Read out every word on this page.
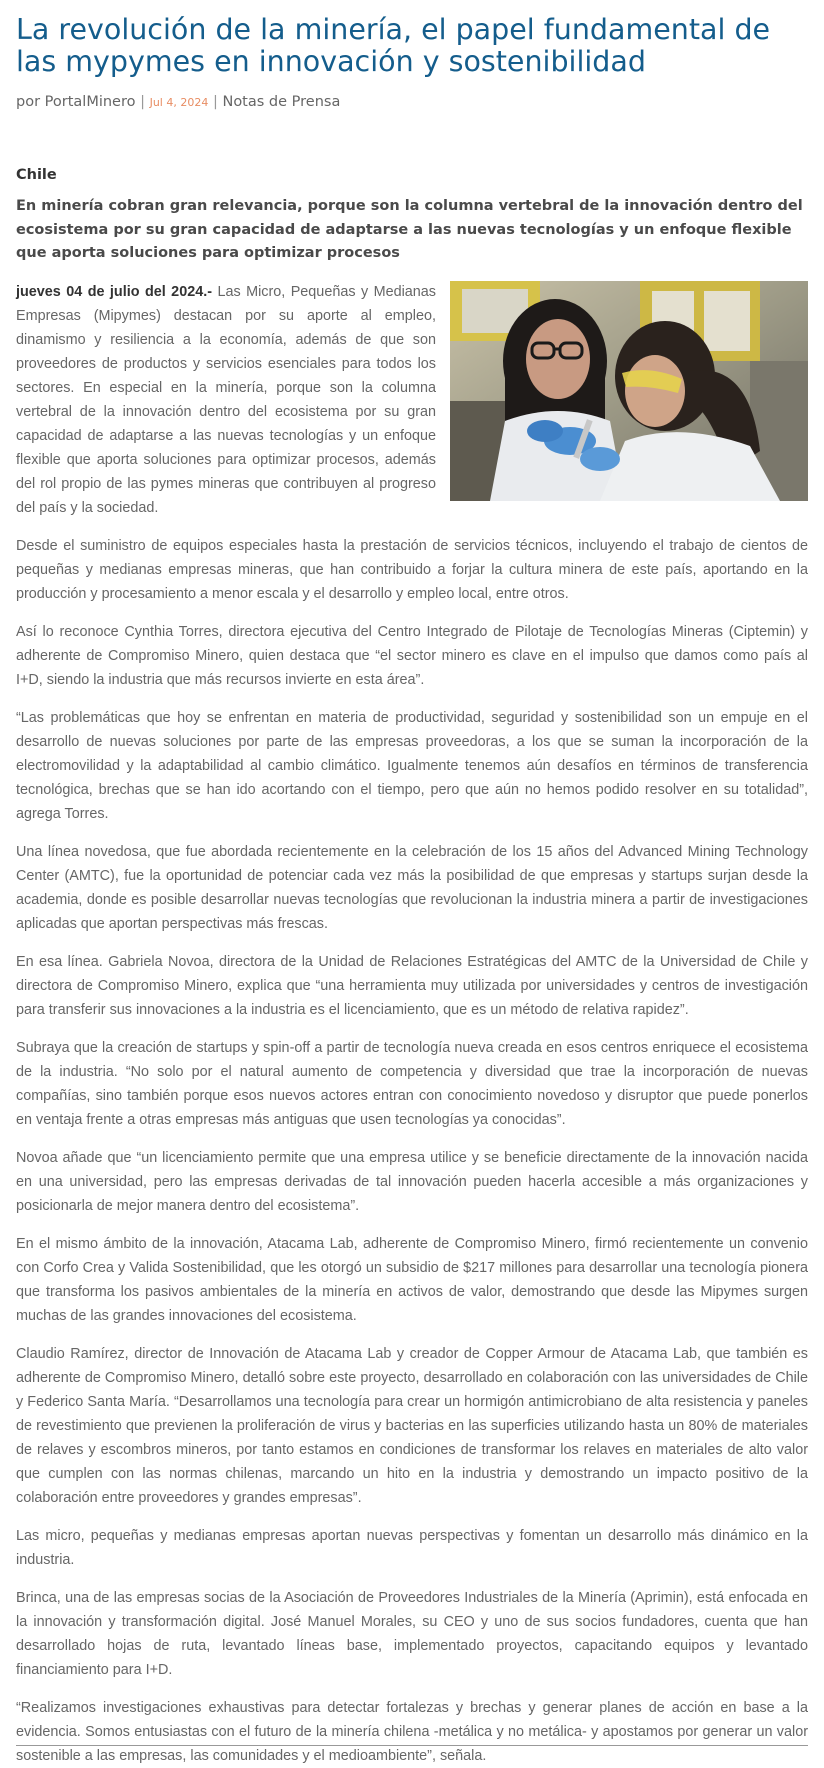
La revolución de la minería, el papel fundamental de las mypymes en innovación y sostenibilidad
por PortalMinero | Jul 4, 2024 | Notas de Prensa
Chile

En minería cobran gran relevancia, porque son la columna vertebral de la innovación dentro del ecosistema por su gran capacidad de adaptarse a las nuevas tecnologías y un enfoque flexible que aporta soluciones para optimizar procesos

jueves 04 de julio del 2024.- Las Micro, Pequeñas y Medianas Empresas (Mipymes) destacan por su aporte al empleo, dinamismo y resiliencia a la economía, además de que son proveedores de productos y servicios esenciales para todos los sectores. En especial en la minería, porque son la columna vertebral de la innovación dentro del ecosistema por su gran capacidad de adaptarse a las nuevas tecnologías y un enfoque flexible que aporta soluciones para optimizar procesos, además del rol propio de las pymes mineras que contribuyen al progreso del país y la sociedad.

Desde el suministro de equipos especiales hasta la prestación de servicios técnicos, incluyendo el trabajo de cientos de pequeñas y medianas empresas mineras, que han contribuido a forjar la cultura minera de este país, aportando en la producción y procesamiento a menor escala y el desarrollo y empleo local, entre otros.

Así lo reconoce Cynthia Torres, directora ejecutiva del Centro Integrado de Pilotaje de Tecnologías Mineras (Ciptemin) y adherente de Compromiso Minero, quien destaca que “el sector minero es clave en el impulso que damos como país al I+D, siendo la industria que más recursos invierte en esta área”.

“Las problemáticas que hoy se enfrentan en materia de productividad, seguridad y sostenibilidad son un empuje en el desarrollo de nuevas soluciones por parte de las empresas proveedoras, a los que se suman la incorporación de la electromovilidad y la adaptabilidad al cambio climático. Igualmente tenemos aún desafíos en términos de transferencia tecnológica, brechas que se han ido acortando con el tiempo, pero que aún no hemos podido resolver en su totalidad”, agrega Torres.

Una línea novedosa, que fue abordada recientemente en la celebración de los 15 años del Advanced Mining Technology Center (AMTC), fue la oportunidad de potenciar cada vez más la posibilidad de que empresas y startups surjan desde la academia, donde es posible desarrollar nuevas tecnologías que revolucionan la industria minera a partir de investigaciones aplicadas que aportan perspectivas más frescas.

En esa línea. Gabriela Novoa, directora de la Unidad de Relaciones Estratégicas del AMTC de la Universidad de Chile y directora de Compromiso Minero, explica que “una herramienta muy utilizada por universidades y centros de investigación para transferir sus innovaciones a la industria es el licenciamiento, que es un método de relativa rapidez”.

Subraya que la creación de startups y spin-off a partir de tecnología nueva creada en esos centros enriquece el ecosistema de la industria. “No solo por el natural aumento de competencia y diversidad que trae la incorporación de nuevas compañías, sino también porque esos nuevos actores entran con conocimiento novedoso y disruptor que puede ponerlos en ventaja frente a otras empresas más antiguas que usen tecnologías ya conocidas”.

Novoa añade que “un licenciamiento permite que una empresa utilice y se beneficie directamente de la innovación nacida en una universidad, pero las empresas derivadas de tal innovación pueden hacerla accesible a más organizaciones y posicionarla de mejor manera dentro del ecosistema”.

En el mismo ámbito de la innovación, Atacama Lab, adherente de Compromiso Minero, firmó recientemente un convenio con Corfo Crea y Valida Sostenibilidad, que les otorgó un subsidio de $217 millones para desarrollar una tecnología pionera que transforma los pasivos ambientales de la minería en activos de valor, demostrando que desde las Mipymes surgen muchas de las grandes innovaciones del ecosistema.

Claudio Ramírez, director de Innovación de Atacama Lab y creador de Copper Armour de Atacama Lab, que también es adherente de Compromiso Minero, detalló sobre este proyecto, desarrollado en colaboración con las universidades de Chile y Federico Santa María. “Desarrollamos una tecnología para crear un hormigón antimicrobiano de alta resistencia y paneles de revestimiento que previenen la proliferación de virus y bacterias en las superficies utilizando hasta un 80% de materiales de relaves y escombros mineros, por tanto estamos en condiciones de transformar los relaves en materiales de alto valor que cumplen con las normas chilenas, marcando un hito en la industria y demostrando un impacto positivo de la colaboración entre proveedores y grandes empresas”.

Las micro, pequeñas y medianas empresas aportan nuevas perspectivas y fomentan un desarrollo más dinámico en la industria.

Brinca, una de las empresas socias de la Asociación de Proveedores Industriales de la Minería (Aprimin), está enfocada en la innovación y transformación digital. José Manuel Morales, su CEO y uno de sus socios fundadores, cuenta que han desarrollado hojas de ruta, levantado líneas base, implementado proyectos, capacitando equipos y levantado financiamiento para I+D.

“Realizamos investigaciones exhaustivas para detectar fortalezas y brechas y generar planes de acción en base a la evidencia. Somos entusiastas con el futuro de la minería chilena -metálica y no metálica- y apostamos por generar un valor sostenible a las empresas, las comunidades y el medioambiente”, señala.
